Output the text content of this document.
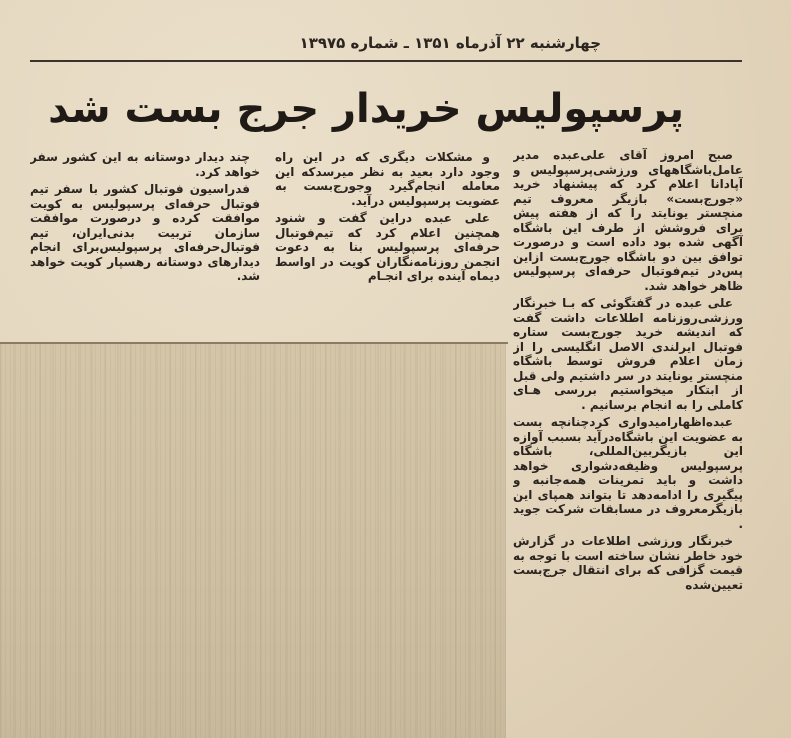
چهارشنبه ۲۲ آذرماه ۱۳۵۱ ـ شماره ۱۳۹۷۵
پرسپولیس خریدار جرج بست شد

صبح امروز آقای علی‌عبده مدیر عامل‌باشگاههای ورزشی‌پرسپولیس و آپادانا اعلام کرد که پیشنهاد خرید «جورج‌بست» بازیگر معروف تیم منچستر یونایتد را که از هفته پیش برای فروشش از طرف این باشگاه آگهی شده بود داده است و درصورت توافق بین دو باشگاه جورج‌بست ازاین پس‌در تیم‌فوتبال حرفه‌ای پرسپولیس ظاهر خواهد شد.

علی عبده در گفتگوئی که بـا خبرنگار ورزشی‌روزنامه اطلاعات داشت گفت که اندیشه خرید جورج‌بست ستاره فوتبال ایرلندی الاصل انگلیسی را از زمان اعلام فروش توسط باشگاه منچستر یونایتد در سر داشتیم ولی قبل از ابتکار میخواستیم بررسی هـای کاملی را به انجام برسانیم .

عبده‌اظهار‌امیدواری کرد‌چنانچه بست به عضویت این باشگاه‌درآید بسبب آوازه این بازیگربین‌المللی، باشگاه پرسپولیس وظیفه‌دشواری خواهد داشت و باید تمرینات همه‌جانبه و پیگیری را ادامه‌دهد تا بتواند همپای این بازیگرمعروف در مسابقات شرکت جوید .

خبرنگار ورزشی اطلاعات در گزارش خود خاطر نشان ساخته است با توجه به قیمت گزافی که برای انتقال جرج‌بست تعیین‌شده

و مشکلات دیگری که در این راه وجود دارد بعید به نظر میرسدکه این معامله انجام‌گیرد وجورج‌بست به عضویت پرسپولیس درآید.

علی عبده دراین گفت و شنود همچنین اعلام کرد که تیم‌فوتبال حرفه‌ای پرسپولیس بنا به دعوت انجمن روزنامه‌نگاران کویت در اواسط دیماه آینده برای انجـام

چند دیدار دوستانه به این کشور سفر خواهد کرد.

فدراسیون فوتبال کشور با سفر تیم فوتبال حرفه‌ای پرسپولیس به کویت موافقت کرده و درصورت موافقت سازمان تربیت بدنی‌ایران، تیم فوتبال‌حرفه‌ای پرسپولیس‌برای انجام دیدارهای دوستانه رهسپار کویت خواهد شد.
